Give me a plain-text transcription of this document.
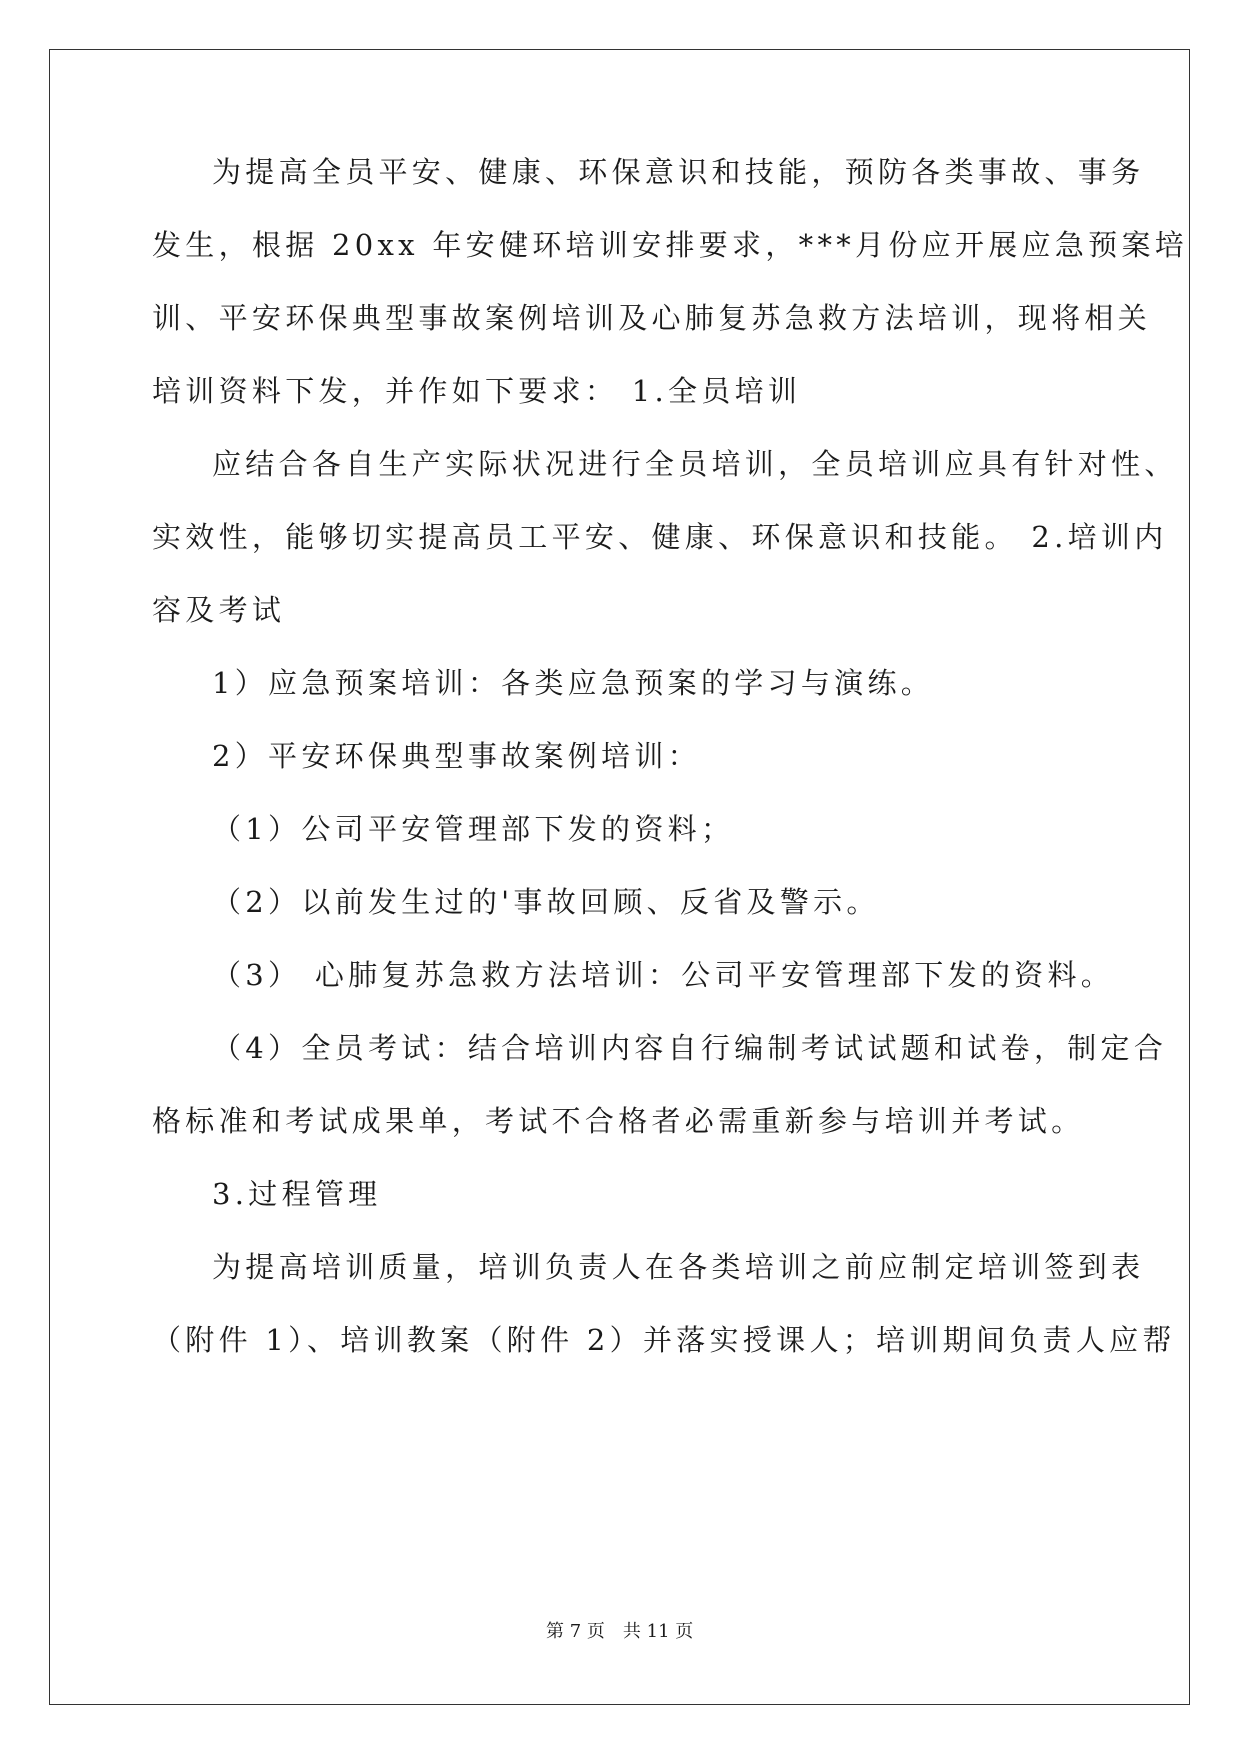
为提高全员平安、健康、环保意识和技能，预防各类事故、事务
发生，根据 20xx 年安健环培训安排要求，***月份应开展应急预案培
训、平安环保典型事故案例培训及心肺复苏急救方法培训，现将相关
培训资料下发，并作如下要求： 1.全员培训
应结合各自生产实际状况进行全员培训，全员培训应具有针对性、
实效性，能够切实提高员工平安、健康、环保意识和技能。 2.培训内
容及考试
1）应急预案培训：各类应急预案的学习与演练。
2）平安环保典型事故案例培训：
（1）公司平安管理部下发的资料；
（2）以前发生过的'事故回顾、反省及警示。
（3） 心肺复苏急救方法培训：公司平安管理部下发的资料。
（4）全员考试：结合培训内容自行编制考试试题和试卷，制定合
格标准和考试成果单，考试不合格者必需重新参与培训并考试。
3.过程管理
为提高培训质量，培训负责人在各类培训之前应制定培训签到表
（附件 1）、培训教案（附件 2）并落实授课人；培训期间负责人应帮
第 7 页　共 11 页
